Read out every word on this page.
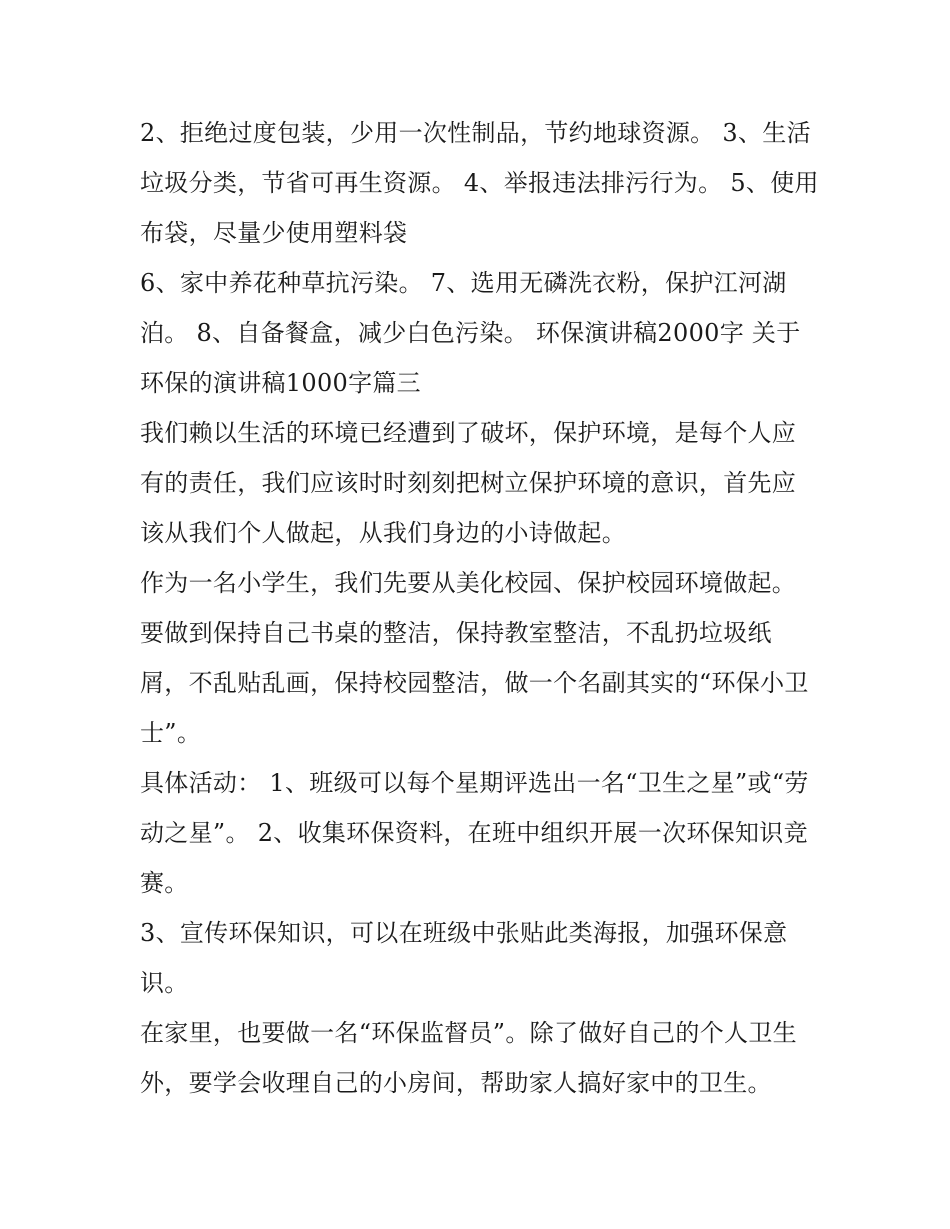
2、拒绝过度包装，少用一次性制品，节约地球资源。 3、生活垃圾分类，节省可再生资源。 4、举报违法排污行为。 5、使用布袋，尽量少使用塑料袋

6、家中养花种草抗污染。 7、选用无磷洗衣粉，保护江河湖泊。 8、自备餐盒，减少白色污染。 环保演讲稿2000字 关于环保的演讲稿1000字篇三

我们赖以生活的环境已经遭到了破坏，保护环境，是每个人应有的责任，我们应该时时刻刻把树立保护环境的意识，首先应该从我们个人做起，从我们身边的小诗做起。

作为一名小学生，我们先要从美化校园、保护校园环境做起。要做到保持自己书桌的整洁，保持教室整洁，不乱扔垃圾纸屑，不乱贴乱画，保持校园整洁，做一个名副其实的“环保小卫士”。

具体活动： 1、班级可以每个星期评选出一名“卫生之星”或“劳动之星”。 2、收集环保资料，在班中组织开展一次环保知识竞赛。

3、宣传环保知识，可以在班级中张贴此类海报，加强环保意识。

在家里，也要做一名“环保监督员”。除了做好自己的个人卫生外，要学会收理自己的小房间，帮助家人搞好家中的卫生。
